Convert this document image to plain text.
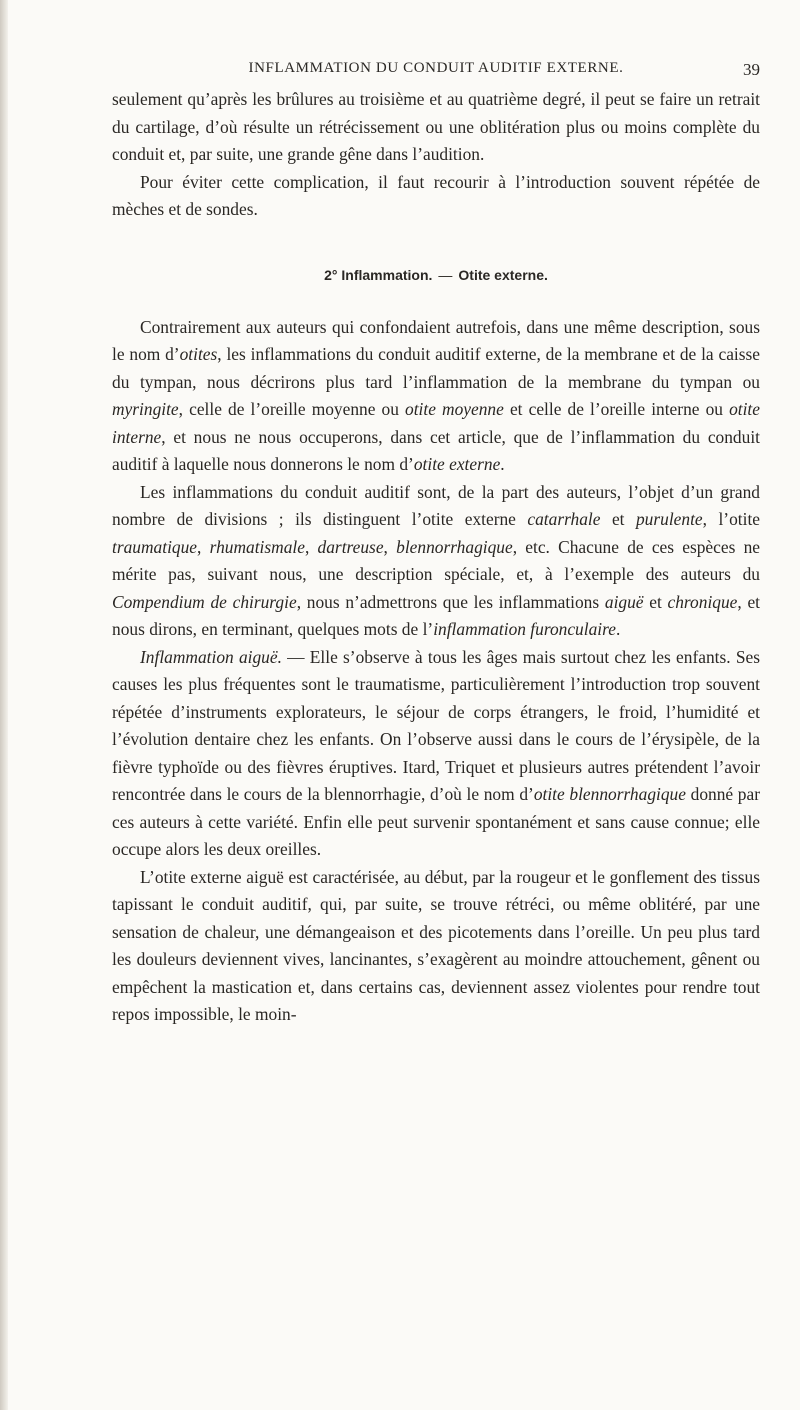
INFLAMMATION DU CONDUIT AUDITIF EXTERNE.	39

seulement qu’après les brûlures au troisième et au quatrième degré, il peut se faire un retrait du cartilage, d’où résulte un rétrécissement ou une oblitération plus ou moins complète du conduit et, par suite, une grande gêne dans l’audition.

Pour éviter cette complication, il faut recourir à l’introduction souvent répétée de mèches et de sondes.

2° Inflammation. — Otite externe.

Contrairement aux auteurs qui confondaient autrefois, dans une même description, sous le nom d’otites, les inflammations du conduit auditif externe, de la membrane et de la caisse du tympan, nous décrirons plus tard l’inflammation de la membrane du tympan ou myringite, celle de l’oreille moyenne ou otite moyenne et celle de l’oreille interne ou otite interne, et nous ne nous occuperons, dans cet article, que de l’inflammation du conduit auditif à laquelle nous donnerons le nom d’otite externe.

Les inflammations du conduit auditif sont, de la part des auteurs, l’objet d’un grand nombre de divisions ; ils distinguent l’otite externe catarrhale et purulente, l’otite traumatique, rhumatismale, dartreuse, blennorrhagique, etc. Chacune de ces espèces ne mérite pas, suivant nous, une description spéciale, et, à l’exemple des auteurs du Compendium de chirurgie, nous n’admettrons que les inflammations aiguë et chronique, et nous dirons, en terminant, quelques mots de l’inflammation furonculaire.

Inflammation aiguë. — Elle s’observe à tous les âges mais surtout chez les enfants. Ses causes les plus fréquentes sont le traumatisme, particulièrement l’introduction trop souvent répétée d’instruments explorateurs, le séjour de corps étrangers, le froid, l’humidité et l’évolution dentaire chez les enfants. On l’observe aussi dans le cours de l’érysipèle, de la fièvre typhoïde ou des fièvres éruptives. Itard, Triquet et plusieurs autres prétendent l’avoir rencontrée dans le cours de la blennorrhagie, d’où le nom d’otite blennorrhagique donné par ces auteurs à cette variété. Enfin elle peut survenir spontanément et sans cause connue; elle occupe alors les deux oreilles.

L’otite externe aiguë est caractérisée, au début, par la rougeur et le gonflement des tissus tapissant le conduit auditif, qui, par suite, se trouve rétréci, ou même oblitéré, par une sensation de chaleur, une démangeaison et des picotements dans l’oreille. Un peu plus tard les douleurs deviennent vives, lancinantes, s’exagèrent au moindre attouchement, gênent ou empêchent la mastication et, dans certains cas, deviennent assez violentes pour rendre tout repos impossible, le moin-
